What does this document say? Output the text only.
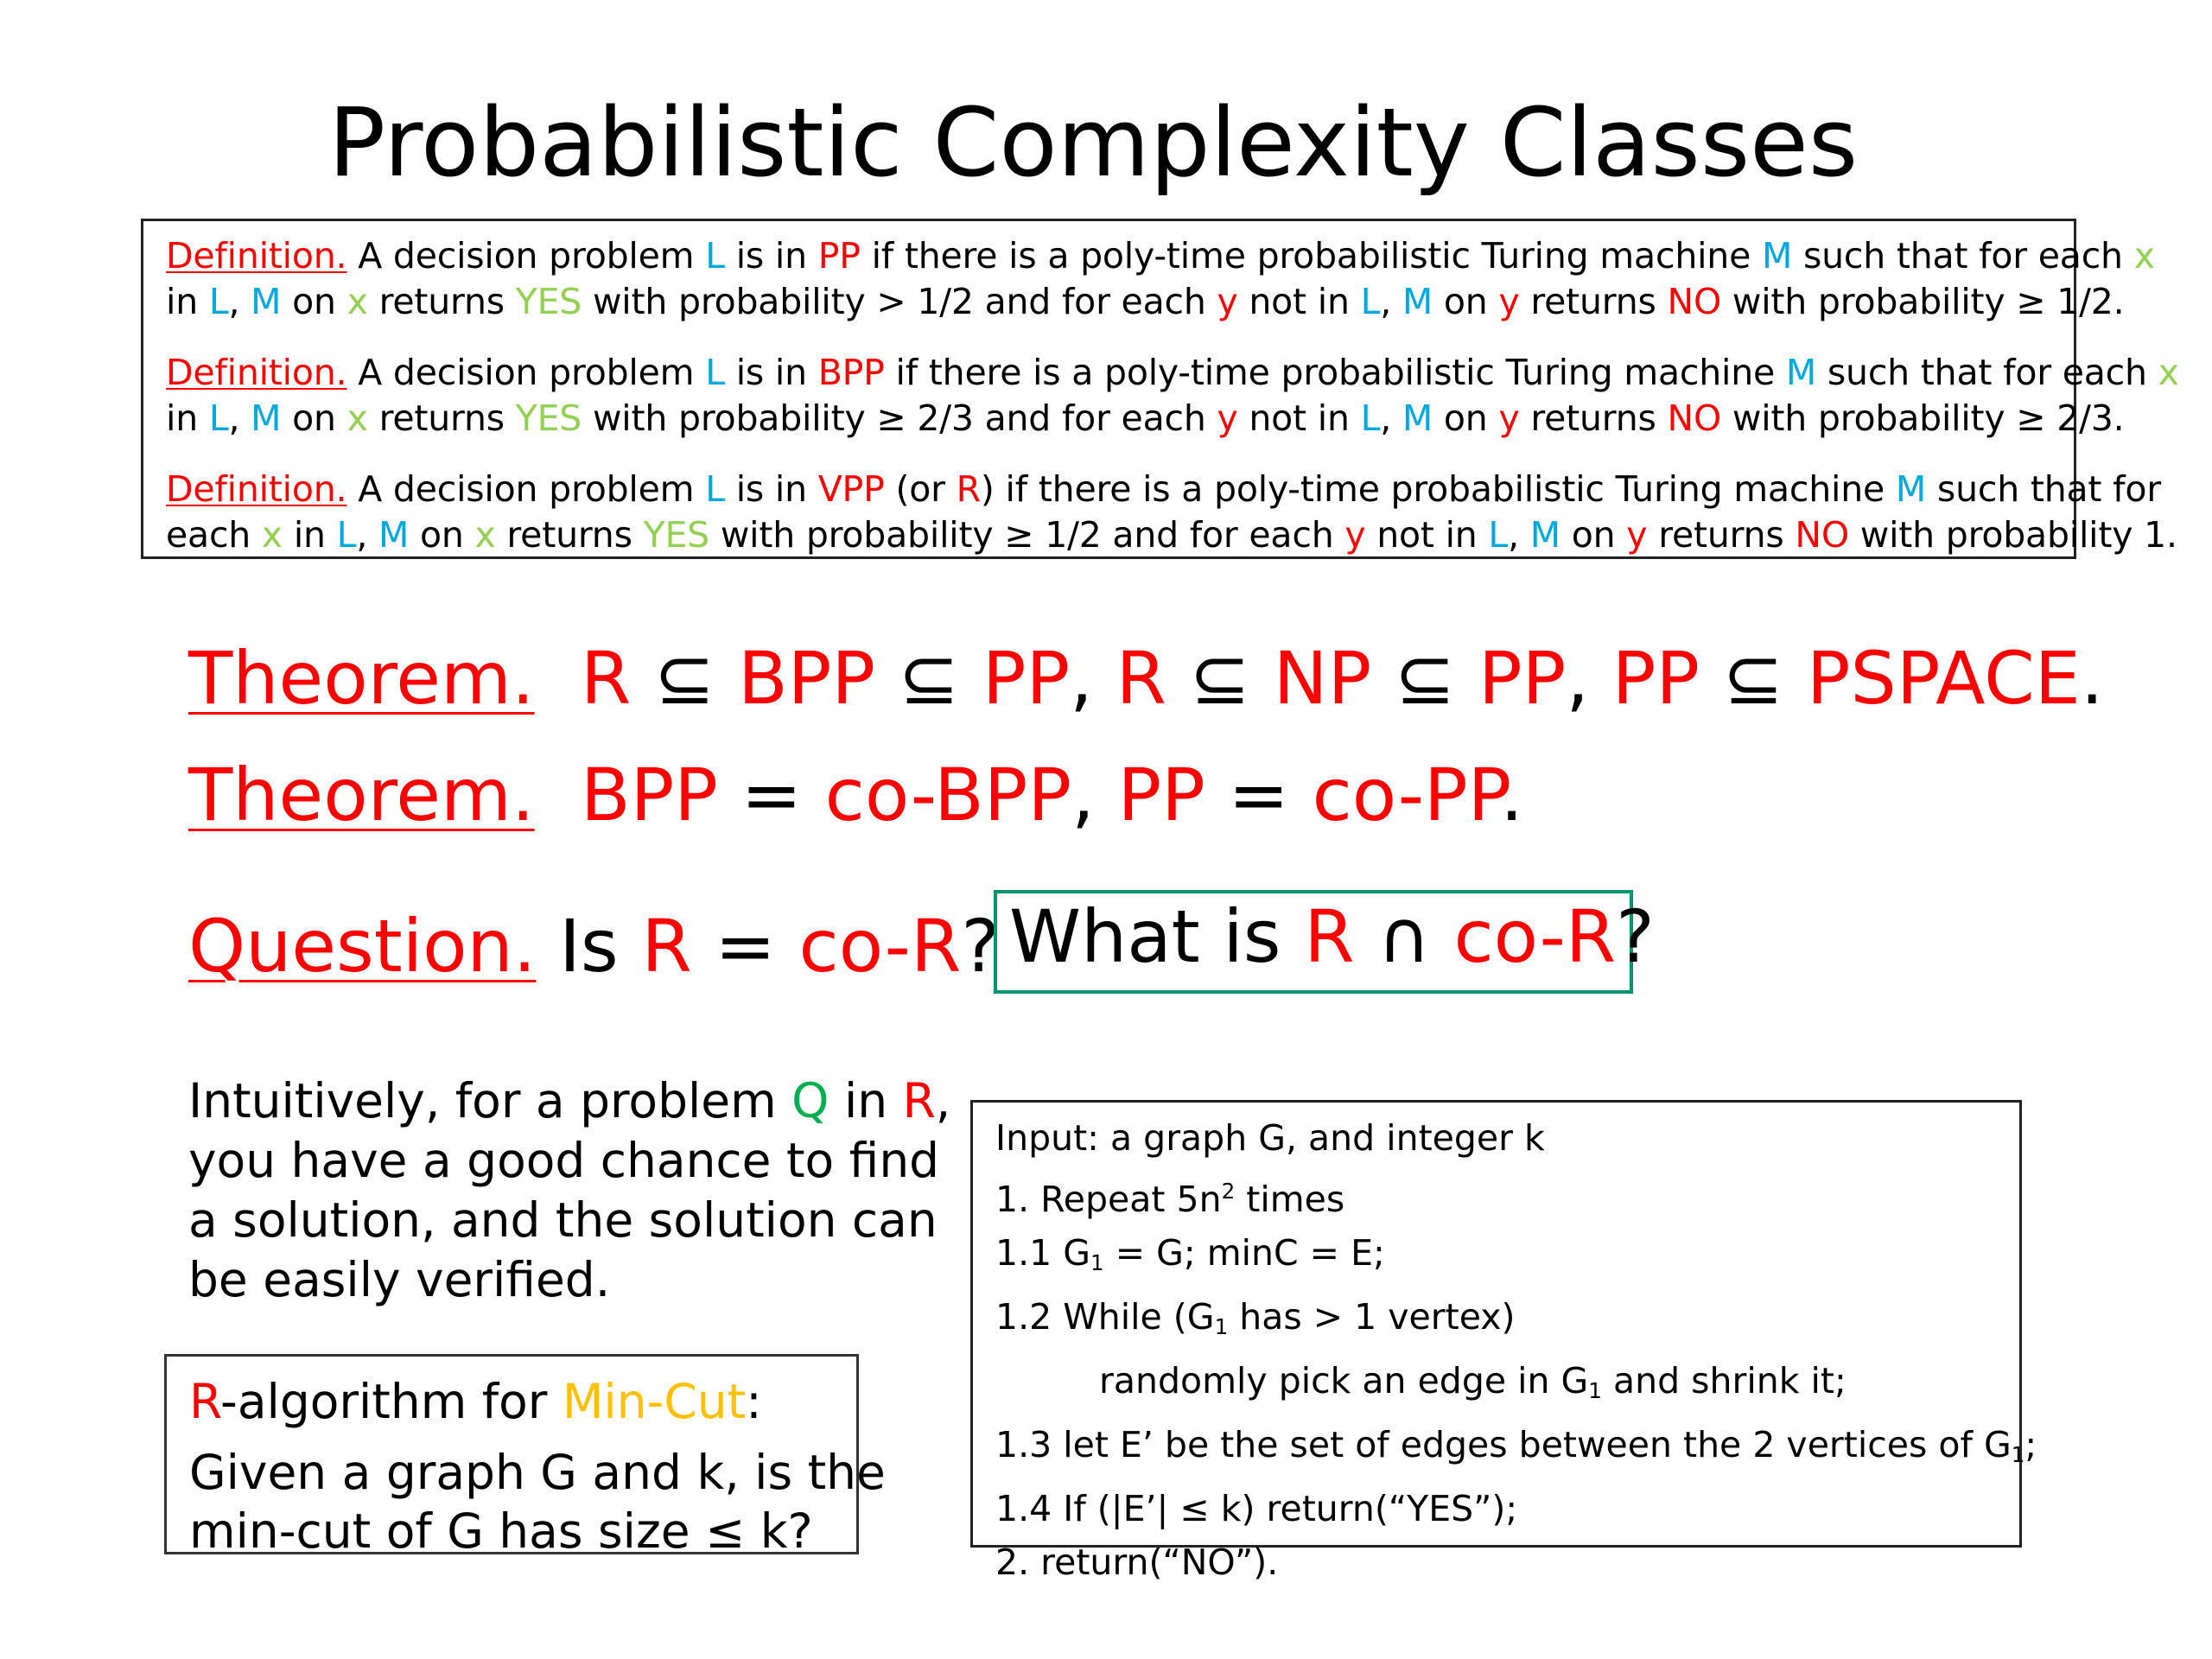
Probabilistic Complexity Classes
Definition. A decision problem L is in PP if there is a poly-time probabilistic Turing machine M such that for each x
in L, M on x returns YES with probability > 1/2 and for each y not in L, M on y returns NO with probability ≥ 1/2.
Definition. A decision problem L is in BPP if there is a poly-time probabilistic Turing machine M such that for each x
in L, M on x returns YES with probability ≥ 2/3 and for each y not in L, M on y returns NO with probability ≥ 2/3.
Definition. A decision problem L is in VPP (or R) if there is a poly-time probabilistic Turing machine M such that for
each x in L, M on x returns YES with probability ≥ 1/2 and for each y not in L, M on y returns NO with probability 1.
Theorem. R ⊆ BPP ⊆ PP, R ⊆ NP ⊆ PP, PP ⊆ PSPACE.
Theorem. BPP = co-BPP, PP = co-PP.
Question. Is R = co-R? What is R ∩ co-R?
Intuitively, for a problem Q in R,
you have a good chance to find
a solution, and the solution can
be easily verified.
R-algorithm for Min-Cut:
Given a graph G and k, is the
min-cut of G has size ≤ k?
Input: a graph G, and integer k
1. Repeat $5n^2$ times
1.1 $G_1 = G$; minC = E;
1.2 While ($G_1$ has > 1 vertex)
randomly pick an edge in $G_1$ and shrink it;
1.3 let E’ be the set of edges between the 2 vertices of $G_1$;
1.4 If (|E’| ≤ k) return(“YES”);
2. return(“NO”).
